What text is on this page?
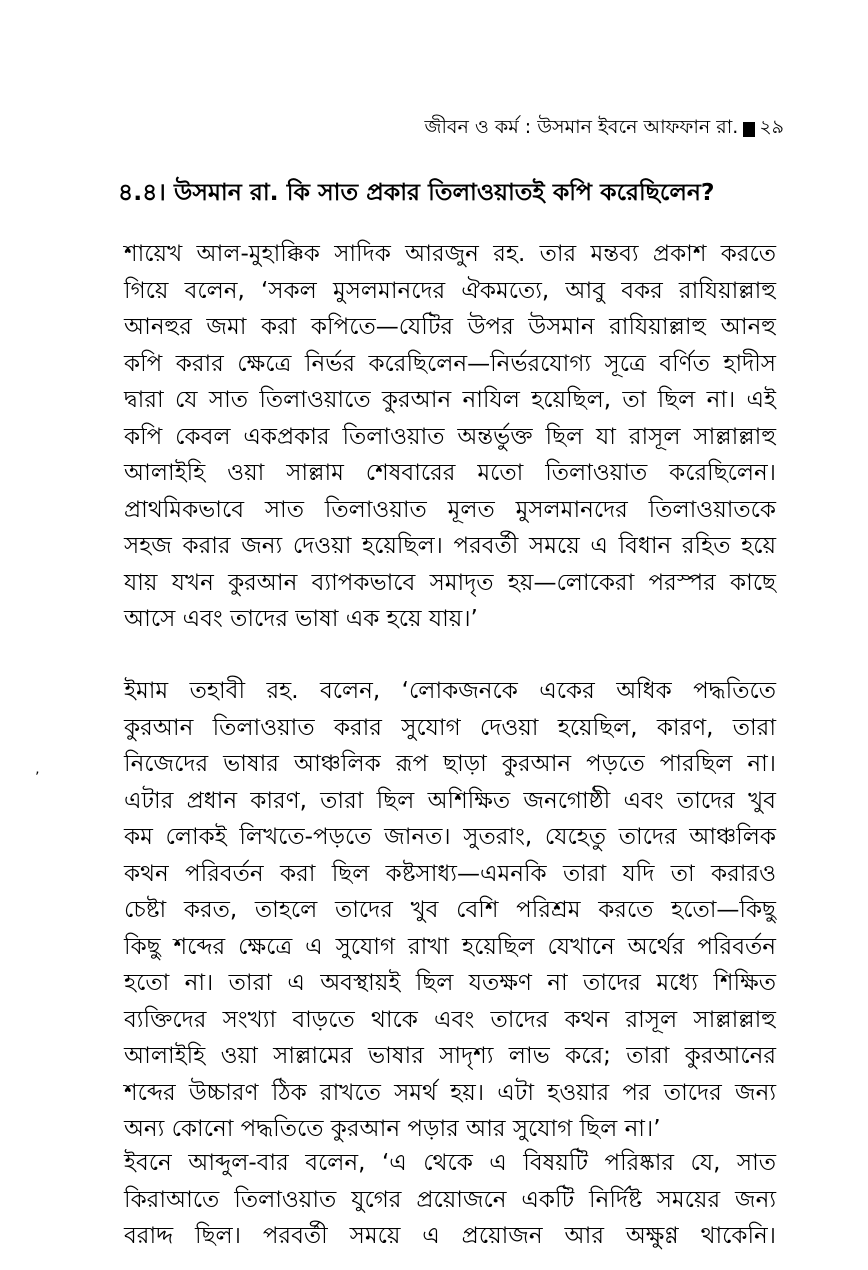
জীবন ও কর্ম : উসমান ইবনে আফফান রা. ২৯
৪.৪। উসমান রা. কি সাত প্রকার তিলাওয়াতই কপি করেছিলেন?
শায়েখ আল-মুহাক্কিক সাদিক আরজুন রহ. তার মন্তব্য প্রকাশ করতে
গিয়ে বলেন, ‘সকল মুসলমানদের ঐকমত্যে, আবু বকর রাযিয়াল্লাহু
আনহুর জমা করা কপিতে—যেটির উপর উসমান রাযিয়াল্লাহু আনহু
কপি করার ক্ষেত্রে নির্ভর করেছিলেন—নির্ভরযোগ্য সূত্রে বর্ণিত হাদীস
দ্বারা যে সাত তিলাওয়াতে কুরআন নাযিল হয়েছিল, তা ছিল না। এই
কপি কেবল একপ্রকার তিলাওয়াত অন্তর্ভুক্ত ছিল যা রাসূল সাল্লাল্লাহু
আলাইহি ওয়া সাল্লাম শেষবারের মতো তিলাওয়াত করেছিলেন।
প্রাথমিকভাবে সাত তিলাওয়াত মূলত মুসলমানদের তিলাওয়াতকে
সহজ করার জন্য দেওয়া হয়েছিল। পরবর্তী সময়ে এ বিধান রহিত হয়ে
যায় যখন কুরআন ব্যাপকভাবে সমাদৃত হয়—লোকেরা পরস্পর কাছে
আসে এবং তাদের ভাষা এক হয়ে যায়।’
ইমাম তহাবী রহ. বলেন, ‘লোকজনকে একের অধিক পদ্ধতিতে
কুরআন তিলাওয়াত করার সুযোগ দেওয়া হয়েছিল, কারণ, তারা
নিজেদের ভাষার আঞ্চলিক রূপ ছাড়া কুরআন পড়তে পারছিল না।
এটার প্রধান কারণ, তারা ছিল অশিক্ষিত জনগোষ্ঠী এবং তাদের খুব
কম লোকই লিখতে-পড়তে জানত। সুতরাং, যেহেতু তাদের আঞ্চলিক
কথন পরিবর্তন করা ছিল কষ্টসাধ্য—এমনকি তারা যদি তা করারও
চেষ্টা করত, তাহলে তাদের খুব বেশি পরিশ্রম করতে হতো—কিছু
কিছু শব্দের ক্ষেত্রে এ সুযোগ রাখা হয়েছিল যেখানে অর্থের পরিবর্তন
হতো না। তারা এ অবস্থায়ই ছিল যতক্ষণ না তাদের মধ্যে শিক্ষিত
ব্যক্তিদের সংখ্যা বাড়তে থাকে এবং তাদের কথন রাসূল সাল্লাল্লাহু
আলাইহি ওয়া সাল্লামের ভাষার সাদৃশ্য লাভ করে; তারা কুরআনের
শব্দের উচ্চারণ ঠিক রাখতে সমর্থ হয়। এটা হওয়ার পর তাদের জন্য
অন্য কোনো পদ্ধতিতে কুরআন পড়ার আর সুযোগ ছিল না।’
ইবনে আব্দুল-বার বলেন, ‘এ থেকে এ বিষয়টি পরিষ্কার যে, সাত
কিরাআতে তিলাওয়াত যুগের প্রয়োজনে একটি নির্দিষ্ট সময়ের জন্য
বরাদ্দ ছিল। পরবর্তী সময়ে এ প্রয়োজন আর অক্ষুণ্ণ থাকেনি।
’
